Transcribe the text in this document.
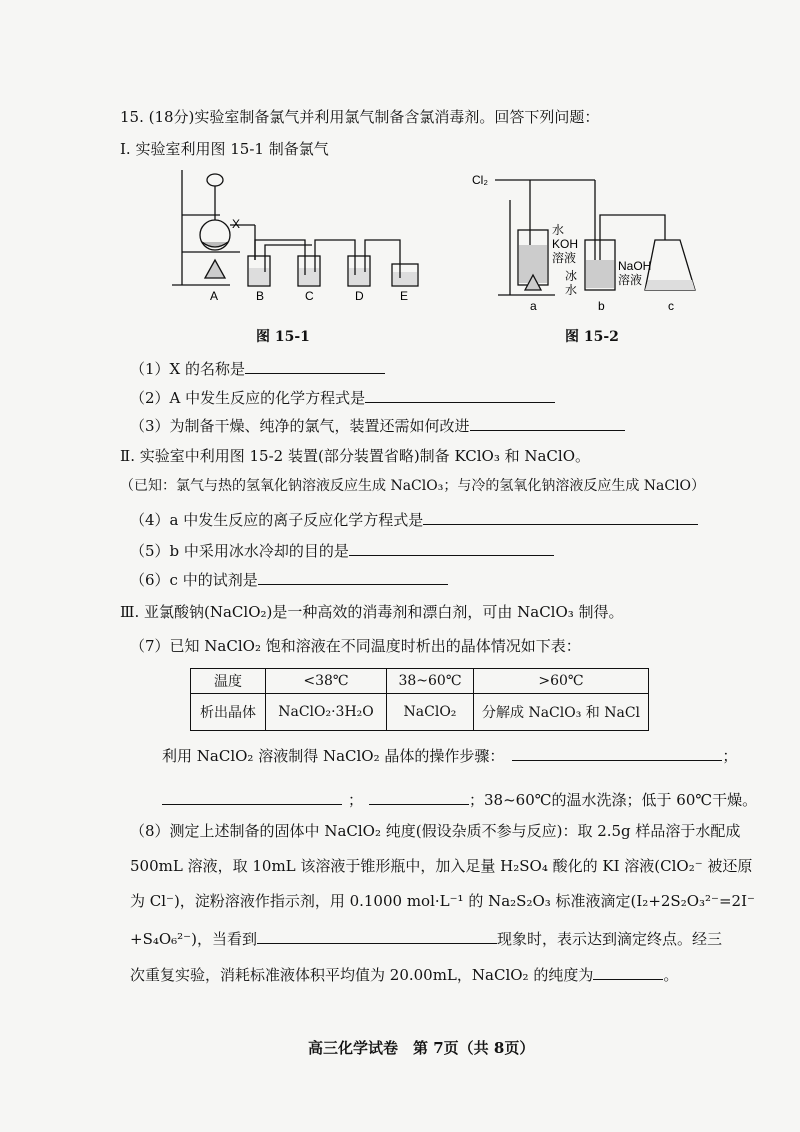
15. (18分)实验室制备氯气并利用氯气制备含氯消毒剂。回答下列问题：
Ⅰ. 实验室利用图 15-1 制备氯气
A	B	C	D	E
X
图 15-1
Cl₂
水
KOH
溶液
冰
水
NaOH
溶液
a	b	c
图 15-2
（1）X 的名称是
（2）A 中发生反应的化学方程式是
（3）为制备干燥、纯净的氯气，装置还需如何改进
Ⅱ. 实验室中利用图 15-2 装置(部分装置省略)制备 KClO₃ 和 NaClO。
（已知：氯气与热的氢氧化钠溶液反应生成 NaClO₃；与冷的氢氧化钠溶液反应生成 NaClO）
（4）a 中发生反应的离子反应化学方程式是
（5）b 中采用冰水冷却的目的是
（6）c 中的试剂是
Ⅲ. 亚氯酸钠(NaClO₂)是一种高效的消毒剂和漂白剂，可由 NaClO₃ 制得。
（7）已知 NaClO₂ 饱和溶液在不同温度时析出的晶体情况如下表：
温度	<38℃	38~60℃	>60℃
析出晶体	NaClO₂·3H₂O	NaClO₂	分解成 NaClO₃ 和 NaCl
利用 NaClO₂ 溶液制得 NaClO₂ 晶体的操作步骤：	；
；	；38~60℃的温水洗涤；低于 60℃干燥。
（8）测定上述制备的固体中 NaClO₂ 纯度(假设杂质不参与反应)：取 2.5g 样品溶于水配成
500mL 溶液，取 10mL 该溶液于锥形瓶中，加入足量 H₂SO₄ 酸化的 KI 溶液(ClO₂⁻ 被还原
为 Cl⁻)，淀粉溶液作指示剂，用 0.1000 mol·L⁻¹ 的 Na₂S₂O₃ 标准液滴定(I₂+2S₂O₃²⁻=2I⁻
+S₄O₆²⁻)，当看到	现象时，表示达到滴定终点。经三
次重复实验，消耗标准液体积平均值为 20.00mL，NaClO₂ 的纯度为	。
高三化学试卷　第 7页（共 8页）
